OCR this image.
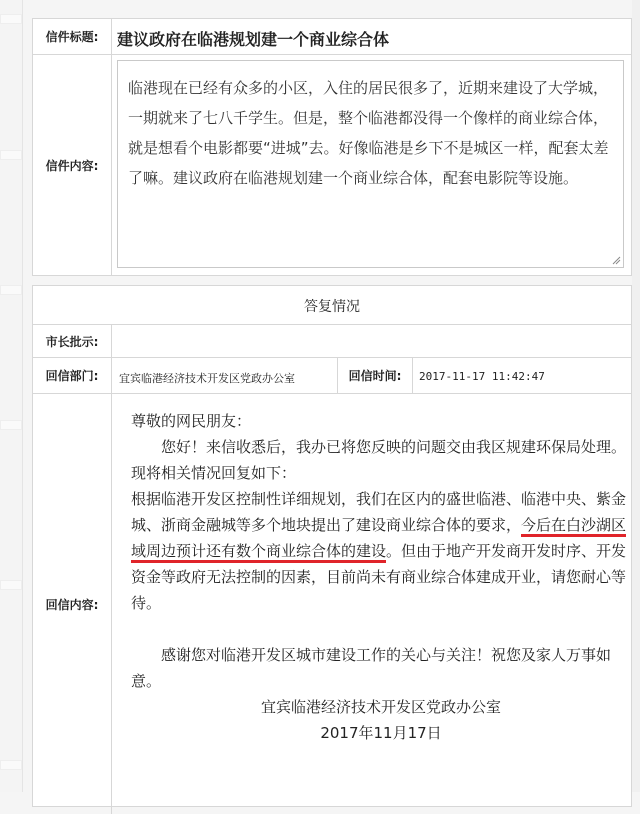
信件标题:	建议政府在临港规划建一个商业综合体
信件内容:
临港现在已经有众多的小区，入住的居民很多了，近期来建设了大学城，一期就来了七八千学生。但是，整个临港都没得一个像样的商业综合体，就是想看个电影都要“进城”去。好像临港是乡下不是城区一样，配套太差了嘛。建议政府在临港规划建一个商业综合体，配套电影院等设施。
答复情况
市长批示:
回信部门:	宜宾临港经济技术开发区党政办公室	回信时间:	2017-11-17 11:42:47
回信内容:

尊敬的网民朋友：

您好！来信收悉后，我办已将您反映的问题交由我区规建环保局处理。现将相关情况回复如下：

根据临港开发区控制性详细规划，我们在区内的盛世临港、临港中央、紫金城、浙商金融城等多个地块提出了建设商业综合体的要求，今后在白沙湖区域周边预计还有数个商业综合体的建设。但由于地产开发商开发时序、开发资金等政府无法控制的因素，目前尚未有商业综合体建成开业，请您耐心等待。

感谢您对临港开发区城市建设工作的关心与关注！祝您及家人万事如意。

宜宾临港经济技术开发区党政办公室

2017年11月17日
